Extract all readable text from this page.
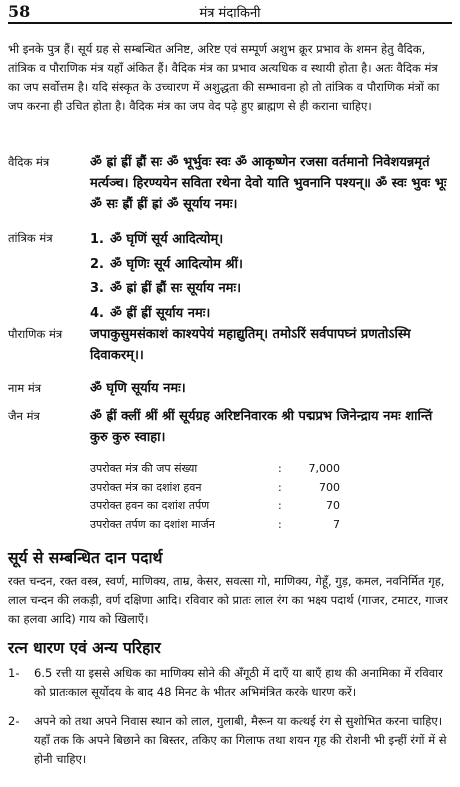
58	मंत्र मंदाकिनी

भी इनके पुत्र हैं। सूर्य ग्रह से सम्बन्धित अनिष्ट, अरिष्ट एवं सम्पूर्ण अशुभ क्रूर प्रभाव के शमन हेतु वैदिक, तांत्रिक व पौराणिक मंत्र यहाँ अंकित हैं। वैदिक मंत्र का प्रभाव अत्यधिक व स्थायी होता है। अतः वैदिक मंत्र का जप सर्वोत्तम है। यदि संस्कृत के उच्चारण में अशुद्धता की सम्भावना हो तो तांत्रिक व पौराणिक मंत्रों का जप करना ही उचित होता है। वैदिक मंत्र का जप वेद पढ़े हुए ब्राह्मण से ही कराना चाहिए।

वैदिक मंत्र	ॐ ह्रां ह्रीं ह्रौं सः ॐ भूर्भुवः स्वः ॐ आकृष्णेन रजसा वर्तमानो निवेशयन्नमृतं मर्त्यञ्च। हिरण्ययेन सविता रथेना देवो याति भुवनानि पश्यन्॥ ॐ स्वः भुवः भूः ॐ सः ह्रौं ह्रीं ह्रां ॐ सूर्याय नमः।
तांत्रिक मंत्र	1. ॐ घृणिं सूर्य आदित्योम्।
2. ॐ घृणिः सूर्य आदित्योम श्रीं।
3. ॐ ह्रां ह्रीं ह्रौं सः सूर्याय नमः।
4. ॐ ह्रीं ह्रीं सूर्याय नमः।
पौराणिक मंत्र	जपाकुसुमसंकाशं काश्यपेयं महाद्युतिम्। तमोऽरिं सर्वपापघ्नं प्रणतोऽस्मि दिवाकरम्।।
नाम मंत्र	ॐ घृणि सूर्याय नमः।
जैन मंत्र	ॐ ह्रीं क्लीं श्रीं श्रीं सूर्यग्रह अरिष्टनिवारक श्री पद्मप्रभ जिनेन्द्राय नमः शान्तिं कुरु कुरु स्वाहा।
उपरोक्त मंत्र की जप संख्या	: 7,000
उपरोक्त मंत्र का दशांश हवन	:	700
उपरोक्त हवन का दशांश तर्पण	:	70
उपरोक्त तर्पण का दशांश मार्जन	:	7
सूर्य से सम्बन्धित दान पदार्थ

रक्त चन्दन, रक्त वस्त्र, स्वर्ण, माणिक्य, ताम्र, केसर, सवत्सा गो, माणिक्य, गेहूँ, गुड़, कमल, नवनिर्मित गृह, लाल चन्दन की लकड़ी, वर्ण दक्षिणा आदि। रविवार को प्रातः लाल रंग का भक्ष्य पदार्थ (गाजर, टमाटर, गाजर का हलवा आदि) गाय को खिलाएँ।

रत्न धारण एवं अन्य परिहार
1- 6.5 रत्ती या इससे अधिक का माणिक्य सोने की अँगूठी में दाएँ या बाएँ हाथ की अनामिका में रविवार को प्रातःकाल सूर्योदय के बाद 48 मिनट के भीतर अभिमंत्रित करके धारण करें।
2- अपने को तथा अपने निवास स्थान को लाल, गुलाबी, मैरून या कत्थई रंग से सुशोभित करना चाहिए। यहाँ तक कि अपने बिछाने का बिस्तर, तकिए का गिलाफ तथा शयन गृह की रोशनी भी इन्हीं रंगों में से होनी चाहिए।
